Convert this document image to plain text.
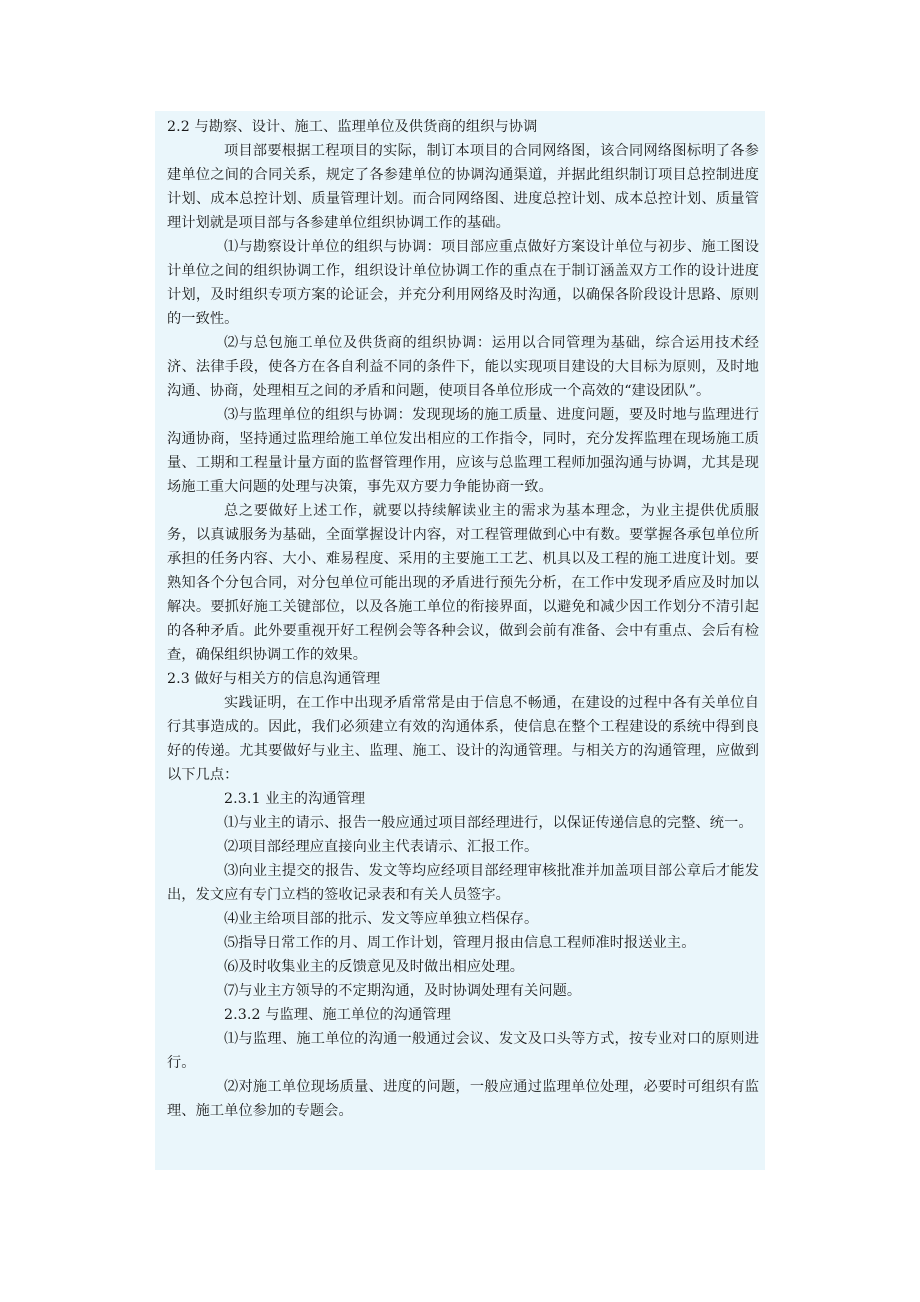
2.2 与勘察、设计、施工、监理单位及供货商的组织与协调

项目部要根据工程项目的实际，制订本项目的合同网络图，该合同网络图标明了各参建单位之间的合同关系，规定了各参建单位的协调沟通渠道，并据此组织制订项目总控制进度计划、成本总控计划、质量管理计划。而合同网络图、进度总控计划、成本总控计划、质量管理计划就是项目部与各参建单位组织协调工作的基础。

⑴与勘察设计单位的组织与协调：项目部应重点做好方案设计单位与初步、施工图设计单位之间的组织协调工作，组织设计单位协调工作的重点在于制订涵盖双方工作的设计进度计划，及时组织专项方案的论证会，并充分利用网络及时沟通，以确保各阶段设计思路、原则的一致性。

⑵与总包施工单位及供货商的组织协调：运用以合同管理为基础，综合运用技术经济、法律手段，使各方在各自利益不同的条件下，能以实现项目建设的大目标为原则，及时地沟通、协商，处理相互之间的矛盾和问题，使项目各单位形成一个高效的“建设团队”。

⑶与监理单位的组织与协调：发现现场的施工质量、进度问题，要及时地与监理进行沟通协商，坚持通过监理给施工单位发出相应的工作指令，同时，充分发挥监理在现场施工质量、工期和工程量计量方面的监督管理作用，应该与总监理工程师加强沟通与协调，尤其是现场施工重大问题的处理与决策，事先双方要力争能协商一致。

总之要做好上述工作，就要以持续解读业主的需求为基本理念，为业主提供优质服务，以真诚服务为基础，全面掌握设计内容，对工程管理做到心中有数。要掌握各承包单位所承担的任务内容、大小、难易程度、采用的主要施工工艺、机具以及工程的施工进度计划。要熟知各个分包合同，对分包单位可能出现的矛盾进行预先分析，在工作中发现矛盾应及时加以解决。要抓好施工关键部位，以及各施工单位的衔接界面，以避免和减少因工作划分不清引起的各种矛盾。此外要重视开好工程例会等各种会议，做到会前有准备、会中有重点、会后有检查，确保组织协调工作的效果。

2.3 做好与相关方的信息沟通管理

实践证明，在工作中出现矛盾常常是由于信息不畅通，在建设的过程中各有关单位自行其事造成的。因此，我们必须建立有效的沟通体系，使信息在整个工程建设的系统中得到良好的传递。尤其要做好与业主、监理、施工、设计的沟通管理。与相关方的沟通管理，应做到以下几点：

2.3.1 业主的沟通管理

⑴与业主的请示、报告一般应通过项目部经理进行，以保证传递信息的完整、统一。

⑵项目部经理应直接向业主代表请示、汇报工作。

⑶向业主提交的报告、发文等均应经项目部经理审核批准并加盖项目部公章后才能发出，发文应有专门立档的签收记录表和有关人员签字。

⑷业主给项目部的批示、发文等应单独立档保存。

⑸指导日常工作的月、周工作计划，管理月报由信息工程师准时报送业主。

⑹及时收集业主的反馈意见及时做出相应处理。

⑺与业主方领导的不定期沟通，及时协调处理有关问题。

2.3.2 与监理、施工单位的沟通管理

⑴与监理、施工单位的沟通一般通过会议、发文及口头等方式，按专业对口的原则进行。

⑵对施工单位现场质量、进度的问题，一般应通过监理单位处理，必要时可组织有监理、施工单位参加的专题会。
